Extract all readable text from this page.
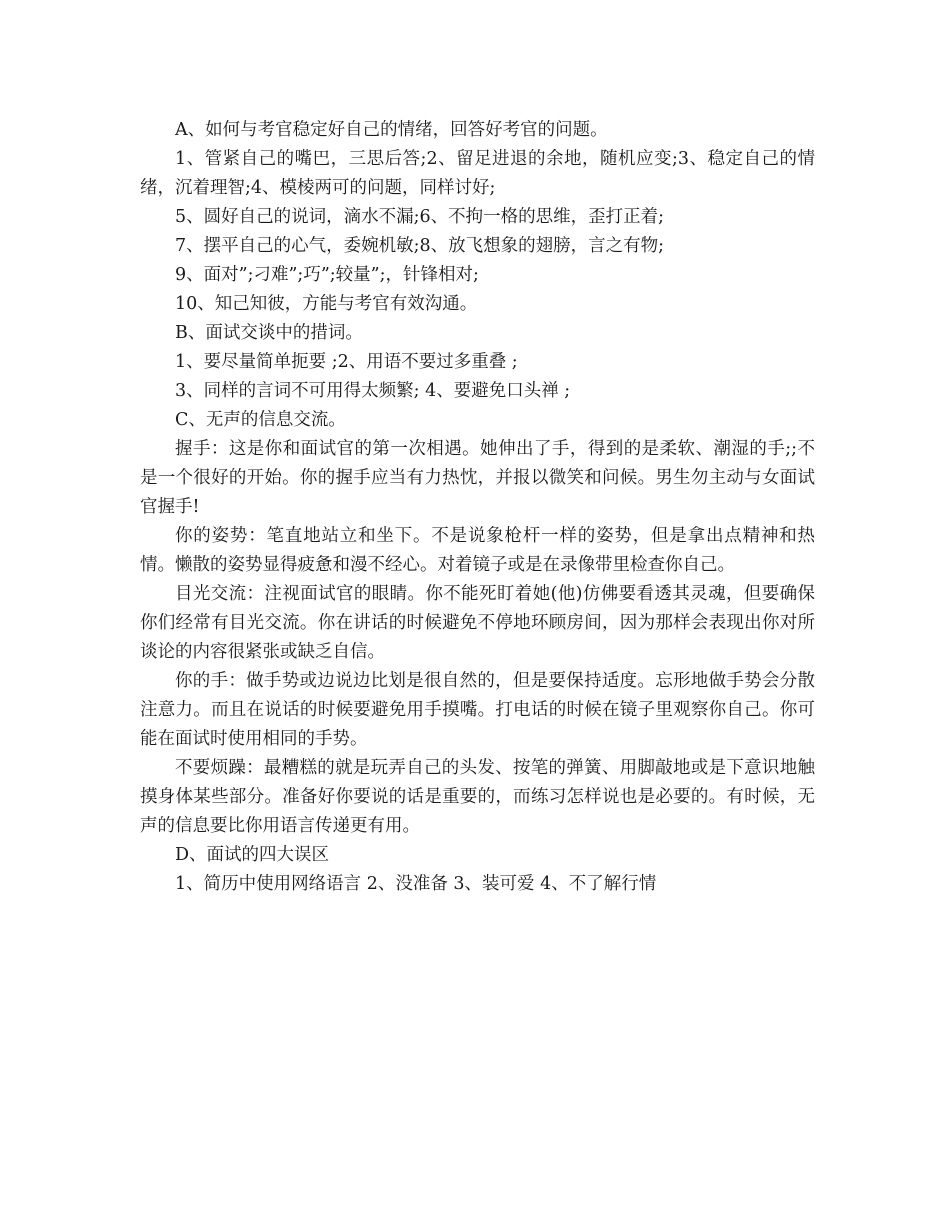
A、如何与考官稳定好自己的情绪，回答好考官的问题。

1、管紧自己的嘴巴，三思后答;2、留足进退的余地，随机应变;3、稳定自己的情绪，沉着理智;4、模棱两可的问题，同样讨好;

5、圆好自己的说词，滴水不漏;6、不拘一格的思维，歪打正着;

7、摆平自己的心气，委婉机敏;8、放飞想象的翅膀，言之有物;

9、面对”;刁难”;巧”;较量”;，针锋相对;

10、知己知彼，方能与考官有效沟通。

B、面试交谈中的措词。

1、要尽量简单扼要 ;2、用语不要过多重叠 ;

3、同样的言词不可用得太频繁; 4、要避免口头禅 ;

C、无声的信息交流。

握手：这是你和面试官的第一次相遇。她伸出了手，得到的是柔软、潮湿的手;;不是一个很好的开始。你的握手应当有力热忱，并报以微笑和问候。男生勿主动与女面试官握手!

你的姿势：笔直地站立和坐下。不是说象枪杆一样的姿势，但是拿出点精神和热情。懒散的姿势显得疲惫和漫不经心。对着镜子或是在录像带里检查你自己。

目光交流：注视面试官的眼睛。你不能死盯着她(他)仿佛要看透其灵魂，但要确保你们经常有目光交流。你在讲话的时候避免不停地环顾房间，因为那样会表现出你对所谈论的内容很紧张或缺乏自信。

你的手：做手势或边说边比划是很自然的，但是要保持适度。忘形地做手势会分散注意力。而且在说话的时候要避免用手摸嘴。打电话的时候在镜子里观察你自己。你可能在面试时使用相同的手势。

不要烦躁：最糟糕的就是玩弄自己的头发、按笔的弹簧、用脚敲地或是下意识地触摸身体某些部分。准备好你要说的话是重要的，而练习怎样说也是必要的。有时候，无声的信息要比你用语言传递更有用。

D、面试的四大误区

1、简历中使用网络语言 2、没准备 3、装可爱 4、不了解行情
